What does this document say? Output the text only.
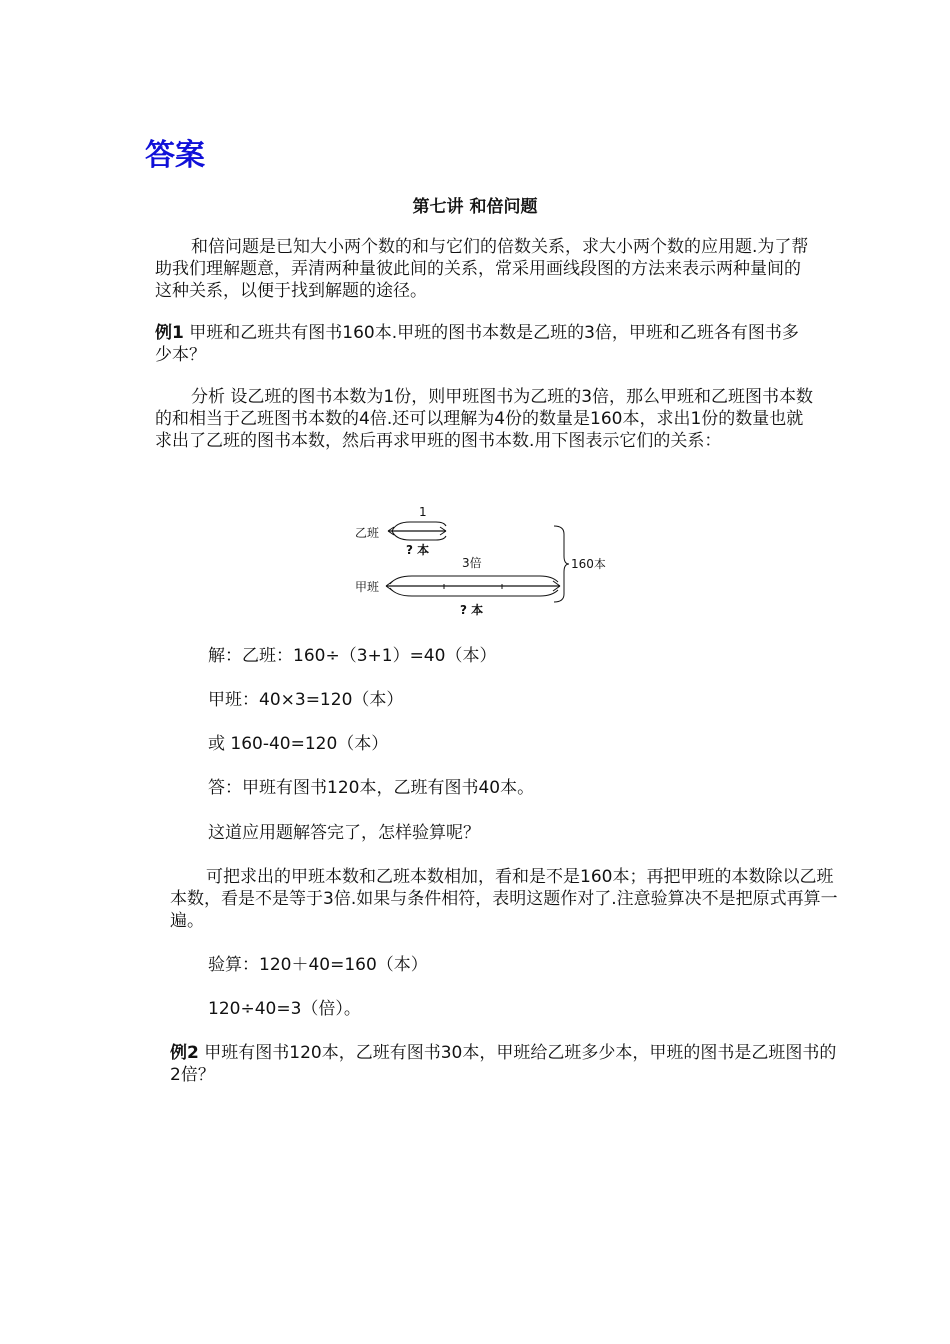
答案
第七讲 和倍问题
和倍问题是已知大小两个数的和与它们的倍数关系，求大小两个数的应用题.为了帮助我们理解题意，弄清两种量彼此间的关系，常采用画线段图的方法来表示两种量间的这种关系，以便于找到解题的途径。
例1 甲班和乙班共有图书160本.甲班的图书本数是乙班的3倍，甲班和乙班各有图书多少本？
分析 设乙班的图书本数为1份，则甲班图书为乙班的3倍，那么甲班和乙班图书本数的和相当于乙班图书本数的4倍.还可以理解为4份的数量是160本，求出1份的数量也就求出了乙班的图书本数，然后再求甲班的图书本数.用下图表示它们的关系：
乙班
1
? 本
甲班
3倍
? 本
160本
解：乙班：160÷（3+1）=40（本）
甲班：40×3=120（本）
或 160-40=120（本）
答：甲班有图书120本，乙班有图书40本。
这道应用题解答完了，怎样验算呢？
可把求出的甲班本数和乙班本数相加，看和是不是160本；再把甲班的本数除以乙班本数，看是不是等于3倍.如果与条件相符，表明这题作对了.注意验算决不是把原式再算一遍。
验算：120＋40=160（本）
120÷40=3（倍）。
例2 甲班有图书120本，乙班有图书30本，甲班给乙班多少本，甲班的图书是乙班图书的2倍？
